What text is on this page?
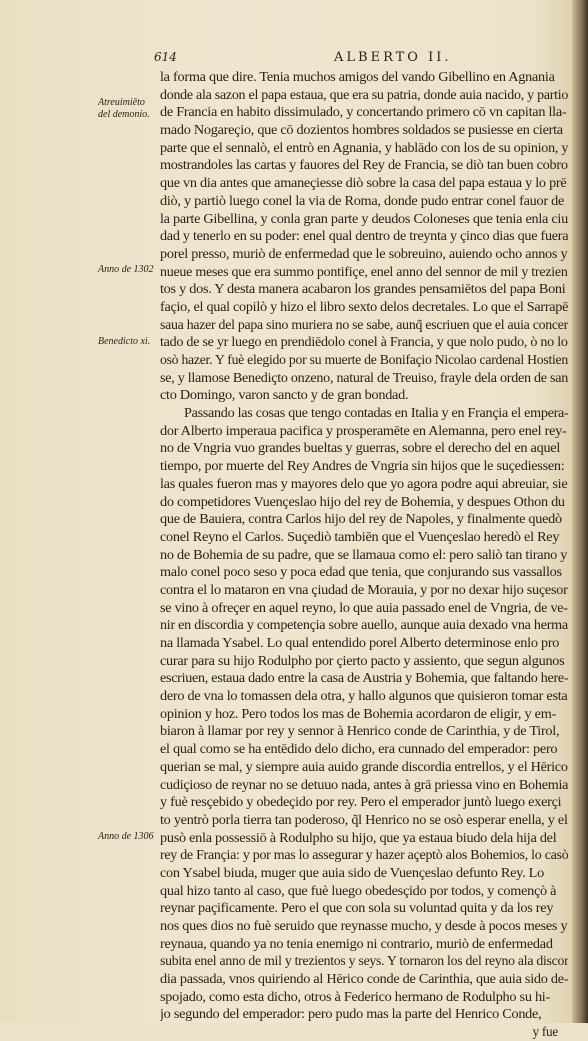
614	ALBERTO II.
la forma que dire. Tenia muchos amigos del vando Gibellino en Agnania
donde ala sazon el papa estaua, que era su patria, donde auia nacido, y partio
de Francia en habito dissimulado, y concertando primero cō vn capitan lla-
mado Nogareçio, que cō dozientos hombres soldados se pusiesse en cierta
parte que el sennalò, el entrò en Agnania, y hablādo con los de su opinion, y
mostrandoles las cartas y fauores del Rey de Francia, se diò tan buen cobro
que vn dia antes que amaneçiesse diò sobre la casa del papa estaua y lo prē
diò, y partiò luego conel la via de Roma, donde pudo entrar conel fauor de
la parte Gibellina, y conla gran parte y deudos Coloneses que tenia enla ciu
dad y tenerlo en su poder: enel qual dentro de treynta y çinco dias que fuera
porel presso, muriò de enfermedad que le sobreuino, auiendo ocho annos y
nueue meses que era summo pontifiçe, enel anno del sennor de mil y trezien
tos y dos. Y desta manera acabaron los grandes pensamiētos del papa Boni
façio, el qual copilò y hizo el libro sexto delos decretales. Lo que el Sarrapē
saua hazer del papa sino muriera no se sabe, aunq̃ escriuen que el auia concer
tado de se yr luego en prendiēdolo conel à Francia, y que nolo pudo, ò no lo
osò hazer. Y fuè elegido por su muerte de Bonifaçio Nicolao cardenal Hostien
se, y llamose Benediçto onzeno, natural de Treuiso, frayle dela orden de san
cto Domingo, varon sancto y de gran bondad.
Passando las cosas que tengo contadas en Italia y en Françia el empera-
dor Alberto imperaua pacifica y prosperamēte en Alemanna, pero enel rey-
no de Vngria vuo grandes bueltas y guerras, sobre el derecho del en aquel
tiempo, por muerte del Rey Andres de Vngria sin hijos que le suçediessen:
las quales fueron mas y mayores delo que yo agora podre aqui abreuiar, sie
do competidores Vuençeslao hijo del rey de Bohemia, y despues Othon du
que de Bauiera, contra Carlos hijo del rey de Napoles, y finalmente quedò
conel Reyno el Carlos. Suçediò tambiēn que el Vuençeslao heredò el Rey
no de Bohemia de su padre, que se llamaua como el: pero saliò tan tirano y
malo conel poco seso y poca edad que tenia, que conjurando sus vassallos
contra el lo mataron en vna çiudad de Morauia, y por no dexar hijo suçesor
se vino à ofreçer en aquel reyno, lo que auia passado enel de Vngria, de ve-
nir en discordia y competençia sobre auello, aunque auia dexado vna herma
na llamada Ysabel. Lo qual entendido porel Alberto determinose enlo pro
curar para su hijo Rodulpho por çierto pacto y assiento, que segun algunos
escriuen, estaua dado entre la casa de Austria y Bohemia, que faltando here-
dero de vna lo tomassen dela otra, y hallo algunos que quisieron tomar esta
opinion y hoz. Pero todos los mas de Bohemia acordaron de eligir, y em-
biaron à llamar por rey y sennor à Henrico conde de Carinthia, y de Tirol,
el qual como se ha entēdido delo dicho, era cunnado del emperador: pero
querian se mal, y siempre auia auido grande discordia entrellos, y el Hērico
cudiçioso de reynar no se detuuo nada, antes à grā priessa vino en Bohemia
y fuè resçebido y obedeçido por rey. Pero el emperador juntò luego exerçi
to yentrò porla tierra tan poderoso, q̃l Henrico no se osò esperar enella, y el
pusò enla possessiō à Rodulpho su hijo, que ya estaua biudo dela hija del
rey de Françia: y por mas lo assegurar y hazer açeptò alos Bohemios, lo casò
con Ysabel biuda, muger que auia sido de Vuençeslao defunto Rey. Lo
qual hizo tanto al caso, que fuè luego obedesçido por todos, y començò à
reynar paçificamente. Pero el que con sola su voluntad quita y da los rey
nos ques dios no fuè seruido que reynasse mucho, y desde à pocos meses y
reynaua, quando ya no tenia enemigo ni contrario, muriò de enfermedad
subita enel anno de mil y trezientos y seys. Y tornaron los del reyno ala discor
dia passada, vnos quiriendo al Hērico conde de Carinthia, que auia sido de-
spojado, como esta dicho, otros à Federico hermano de Rodulpho su hi-
jo segundo del emperador: pero pudo mas la parte del Henrico Conde,
y fue
Atreuimiēto
del demonio.
Anno de 1302
Benedicto xi.
Anno de 1306
